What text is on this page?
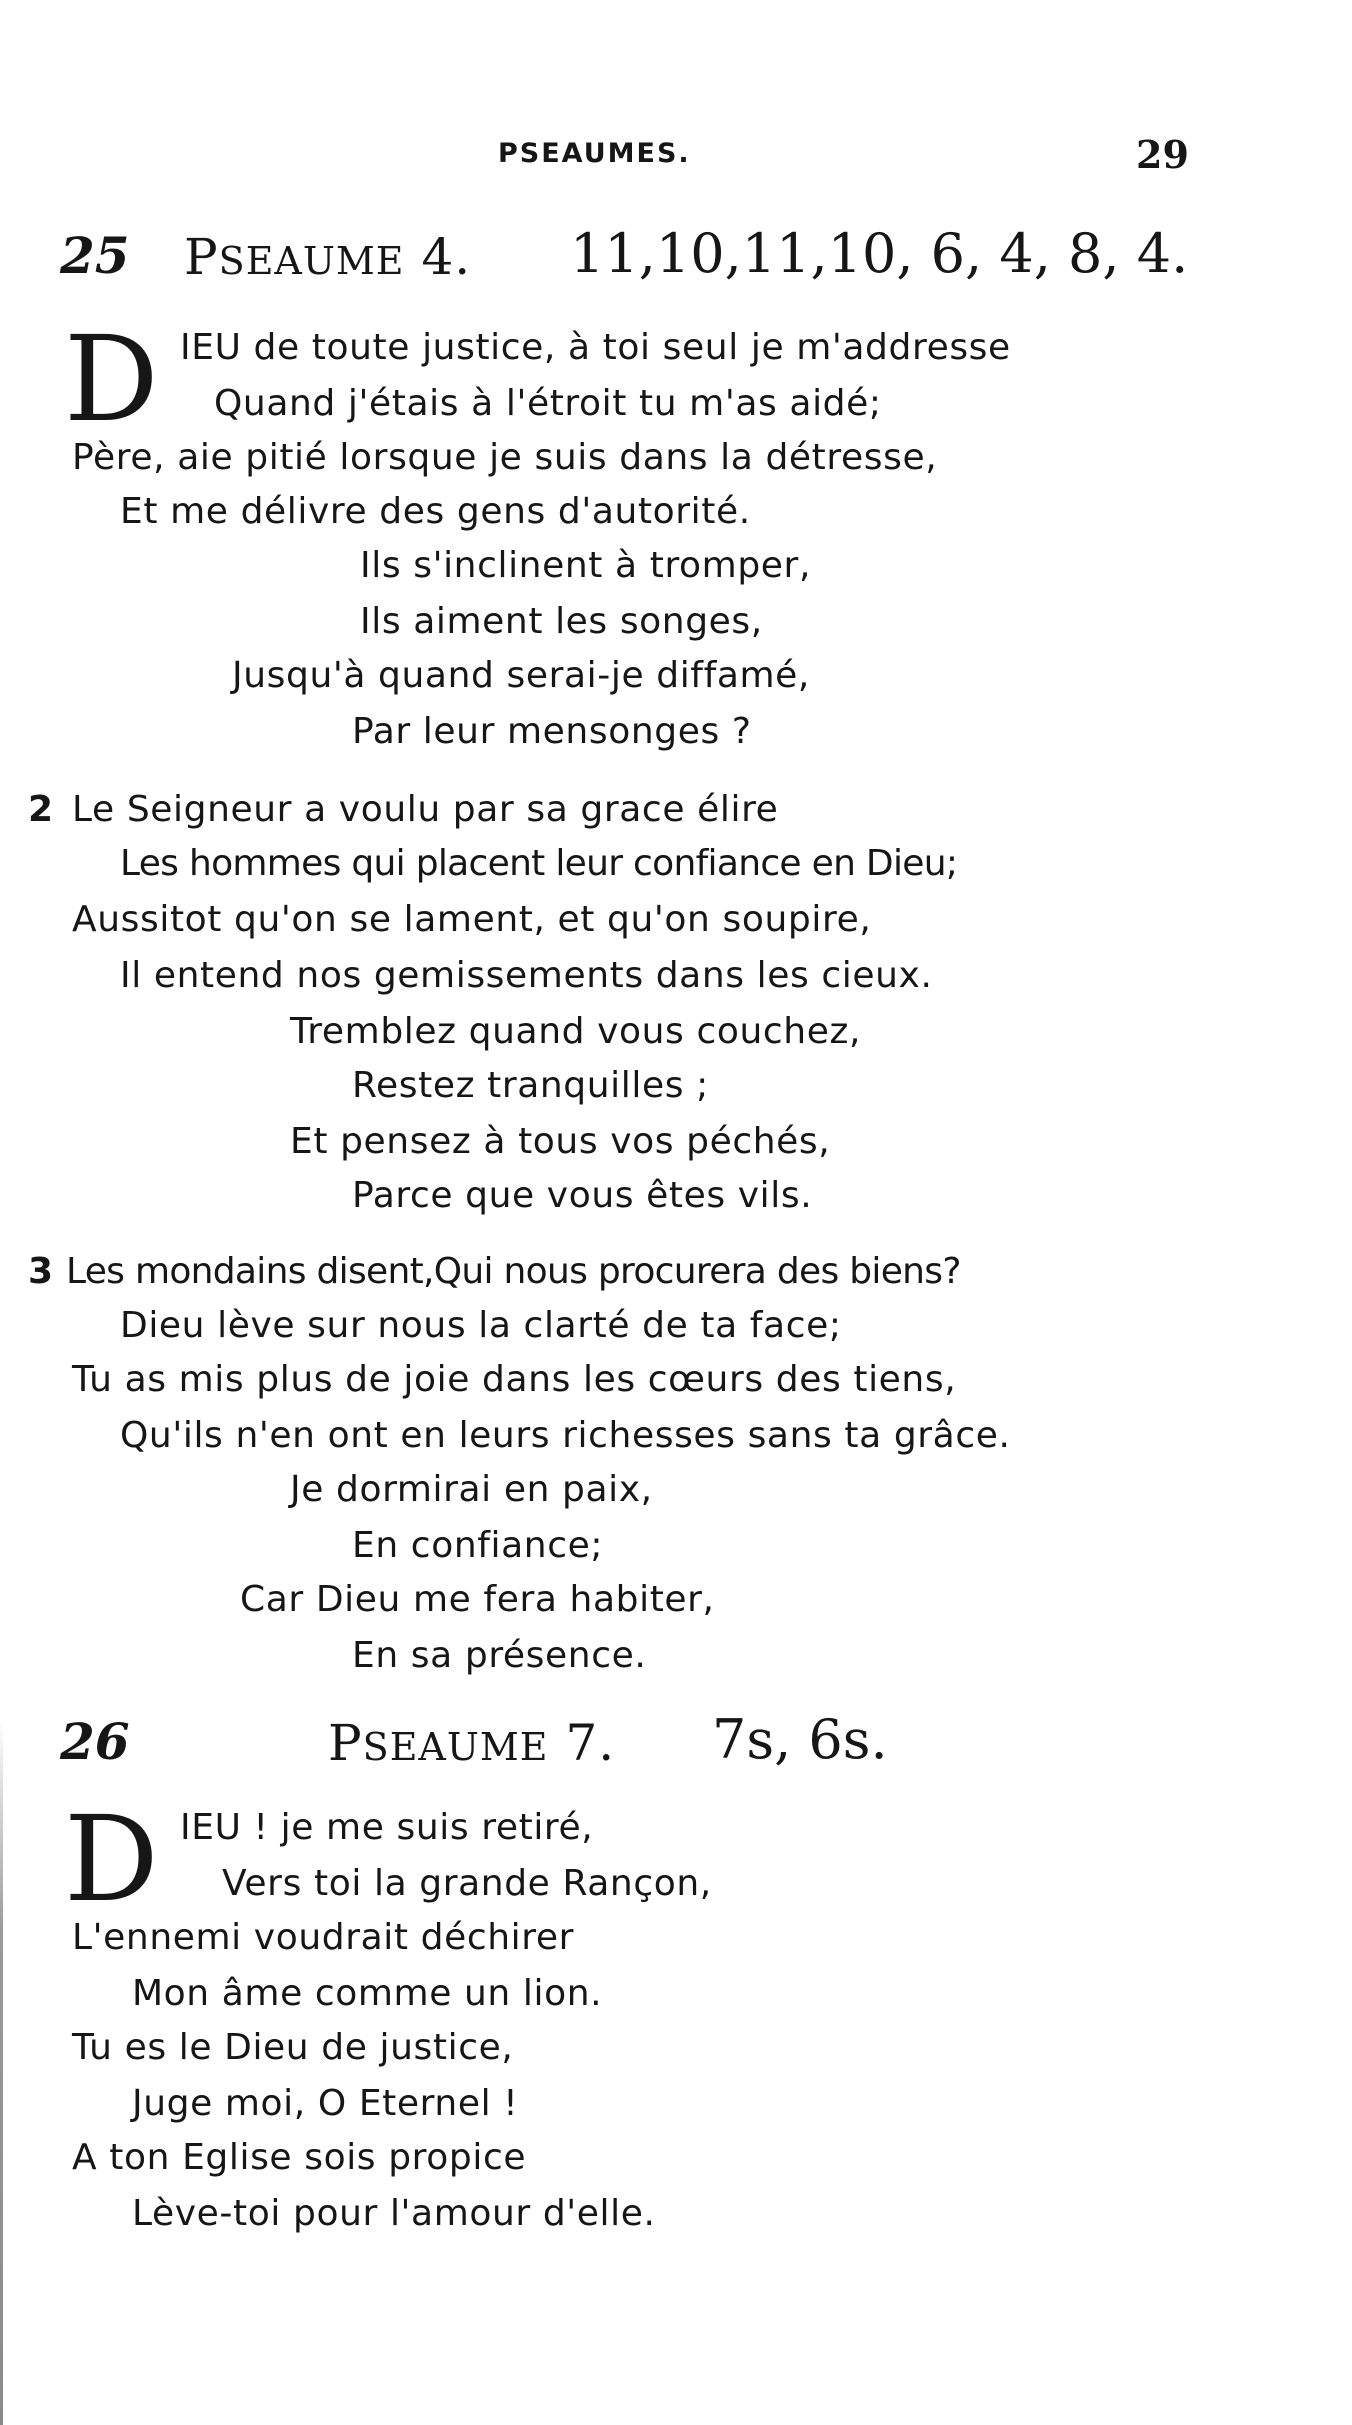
PSEAUMES.	29
25 PSEAUME 4. 11,10,11,10, 6, 4, 8, 4.
D IEU de toute justice, à toi seul je m'addresse
Quand j'étais à l'étroit tu m'as aidé;
Père, aie pitié lorsque je suis dans la détresse,
Et me délivre des gens d'autorité.
Ils s'inclinent à tromper,
Ils aiment les songes,
Jusqu'à quand serai-je diffamé,
Par leur mensonges ?
2 Le Seigneur a voulu par sa grace élire
Les hommes qui placent leur confiance en Dieu;
Aussitot qu'on se lament, et qu'on soupire,
Il entend nos gemissements dans les cieux.
Tremblez quand vous couchez,
Restez tranquilles ;
Et pensez à tous vos péchés,
Parce que vous êtes vils.
3 Les mondains disent,Qui nous procurera des biens?
Dieu lève sur nous la clarté de ta face;
Tu as mis plus de joie dans les cœurs des tiens,
Qu'ils n'en ont en leurs richesses sans ta grâce.
Je dormirai en paix,
En confiance;
Car Dieu me fera habiter,
En sa présence.
26	PSEAUME 7. 7s, 6s.
D IEU ! je me suis retiré,
Vers toi la grande Rançon,
L'ennemi voudrait déchirer
Mon âme comme un lion.
Tu es le Dieu de justice,
Juge moi, O Eternel !
A ton Eglise sois propice
Lève-toi pour l'amour d'elle.
